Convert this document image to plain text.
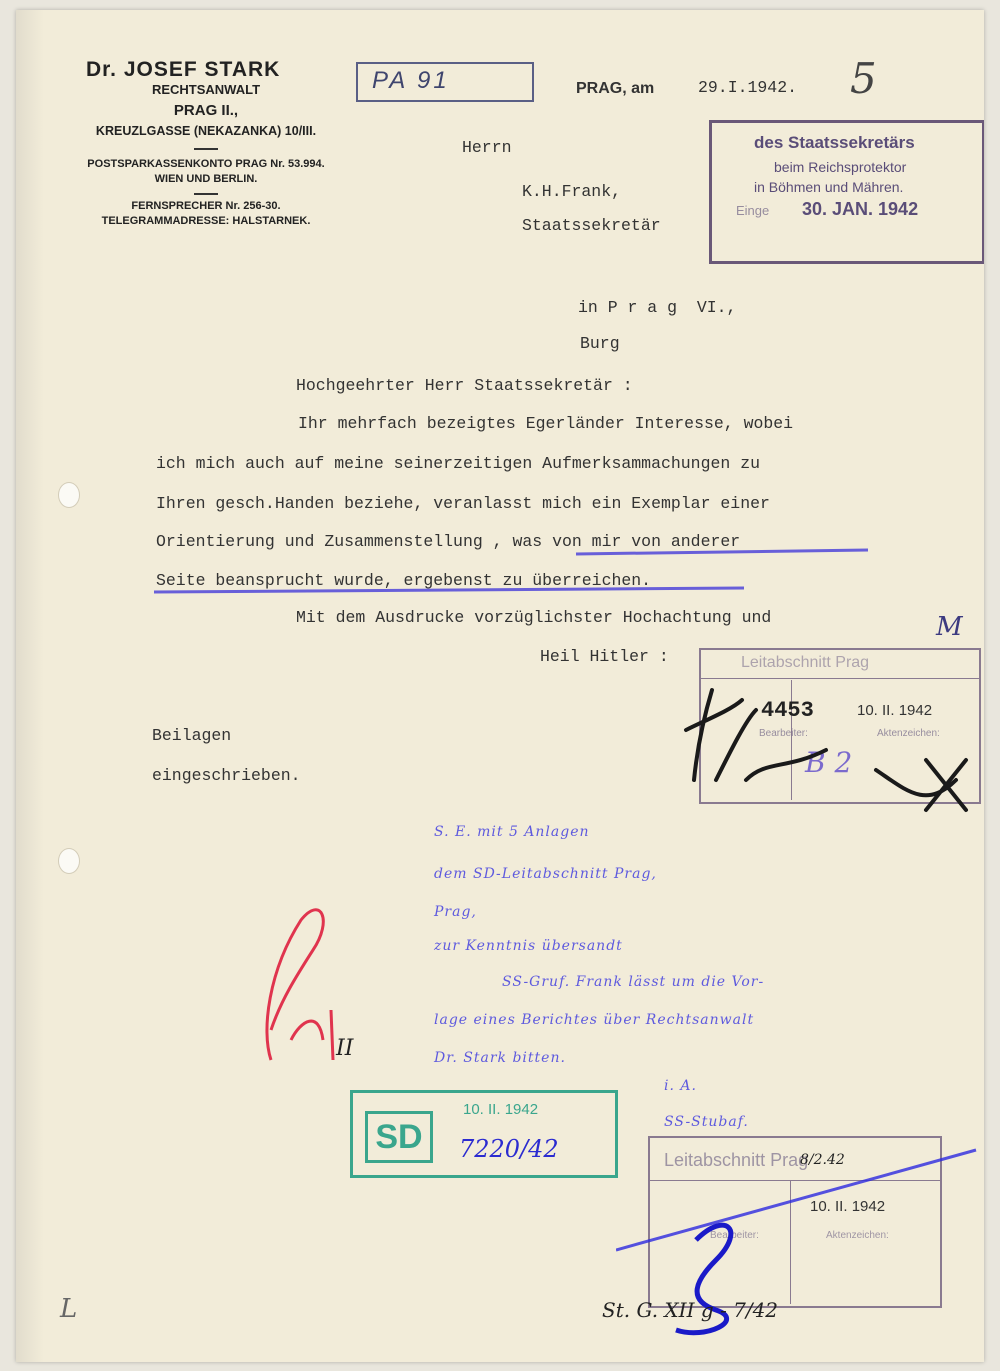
Dr. JOSEF STARK
RECHTSANWALT
PRAG II.,
KREUZLGASSE (NEKAZANKA) 10/III.
POSTSPARKASSENKONTO PRAG Nr. 53.994.
WIEN UND BERLIN.
FERNSPRECHER Nr. 256-30.
TELEGRAMMADRESSE: HALSTARNEK.
PA 91	PRAG, am	29.I.1942. 5
des Staatssekretärs
beim Reichsprotektor
in Böhmen und Mähren.
Einge 30. JAN. 1942
Herrn
K.H.Frank,
Staatssekretär
in P r a g  VI.,
Burg
Hochgeehrter Herr Staatssekretär :
Ihr mehrfach bezeigtes Egerländer Interesse, wobei
ich mich auch auf meine seinerzeitigen Aufmerksammachungen zu
Ihren gesch.Handen beziehe, veranlasst mich ein Exemplar einer
Orientierung und Zusammenstellung , was von mir von anderer
Seite beansprucht wurde, ergebenst zu überreichen.
Mit dem Ausdrucke vorzüglichster Hochachtung und
Heil Hitler :
Beilagen
eingeschrieben.
Leitabschnitt Prag
4453	10. II. 1942
Bearbeiter:	Aktenzeichen:
B 2
M
S. E. mit 5 Anlagen
dem SD-Leitabschnitt Prag,
Prag,
zur Kenntnis übersandt
SS-Gruf. Frank lässt um die Vor-
lage eines Berichtes über Rechtsanwalt
Dr. Stark bitten.
i. A.
SS-Stubaf.
II
SD
10. II. 1942
7220/42	Leitabschnitt Prag
10. II. 1942
Bearbeiter:	Aktenzeichen:
8/2.42
St. G. XII g - 7/42
L
